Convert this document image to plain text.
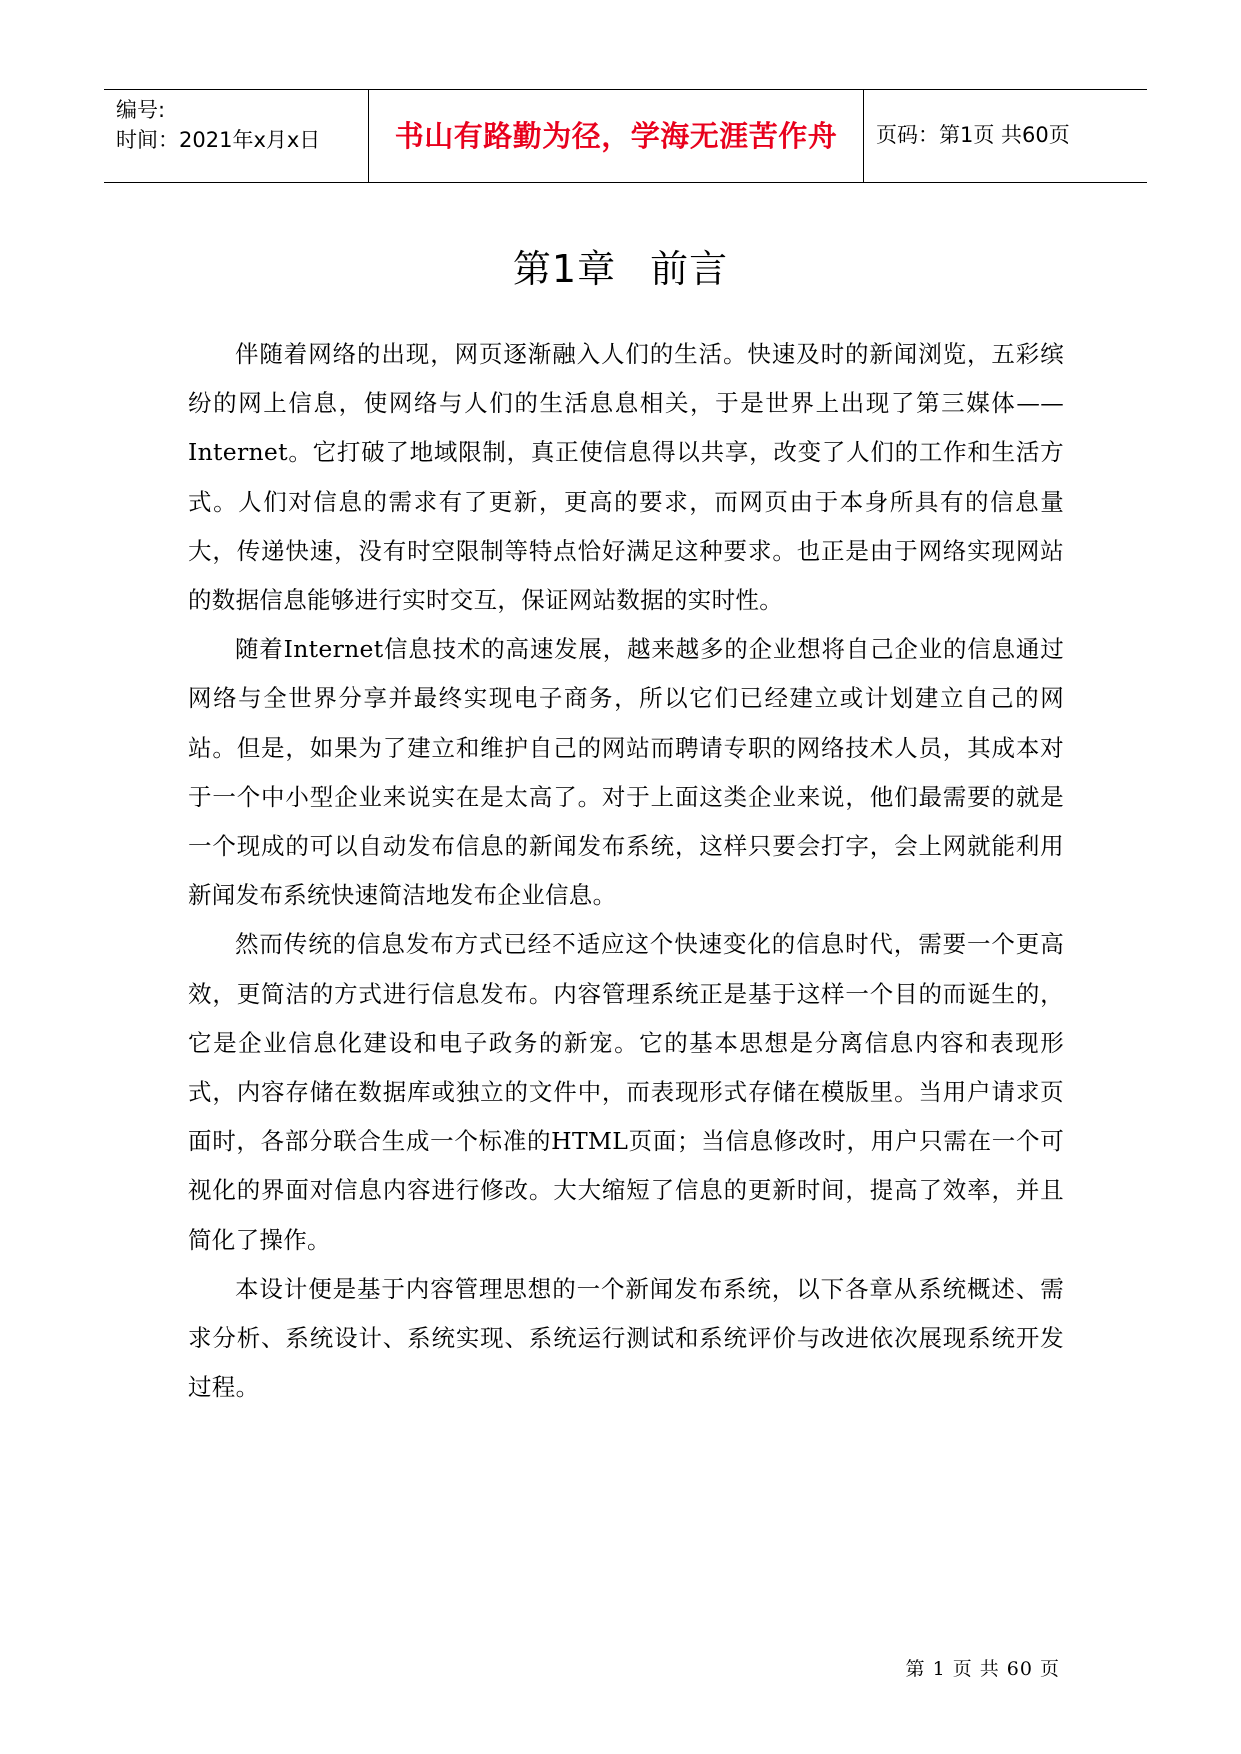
编号:
时间：2021年x月x日	书山有路勤为径，学海无涯苦作舟 页码：第1页 共60页
第1章 前言

伴随着网络的出现，网页逐渐融入人们的生活。快速及时的新闻浏览，五彩缤纷的网上信息，使网络与人们的生活息息相关，于是世界上出现了第三媒体——Internet。它打破了地域限制，真正使信息得以共享，改变了人们的工作和生活方式。人们对信息的需求有了更新，更高的要求，而网页由于本身所具有的信息量大，传递快速，没有时空限制等特点恰好满足这种要求。也正是由于网络实现网站的数据信息能够进行实时交互，保证网站数据的实时性。

随着Internet信息技术的高速发展，越来越多的企业想将自己企业的信息通过网络与全世界分享并最终实现电子商务，所以它们已经建立或计划建立自己的网站。但是，如果为了建立和维护自己的网站而聘请专职的网络技术人员，其成本对于一个中小型企业来说实在是太高了。对于上面这类企业来说，他们最需要的就是一个现成的可以自动发布信息的新闻发布系统，这样只要会打字，会上网就能利用新闻发布系统快速简洁地发布企业信息。

然而传统的信息发布方式已经不适应这个快速变化的信息时代，需要一个更高效，更简洁的方式进行信息发布。内容管理系统正是基于这样一个目的而诞生的，它是企业信息化建设和电子政务的新宠。它的基本思想是分离信息内容和表现形式，内容存储在数据库或独立的文件中，而表现形式存储在模版里。当用户请求页面时，各部分联合生成一个标准的HTML页面；当信息修改时，用户只需在一个可视化的界面对信息内容进行修改。大大缩短了信息的更新时间，提高了效率，并且简化了操作。

本设计便是基于内容管理思想的一个新闻发布系统，以下各章从系统概述、需求分析、系统设计、系统实现、系统运行测试和系统评价与改进依次展现系统开发过程。

第 1 页 共 60 页
